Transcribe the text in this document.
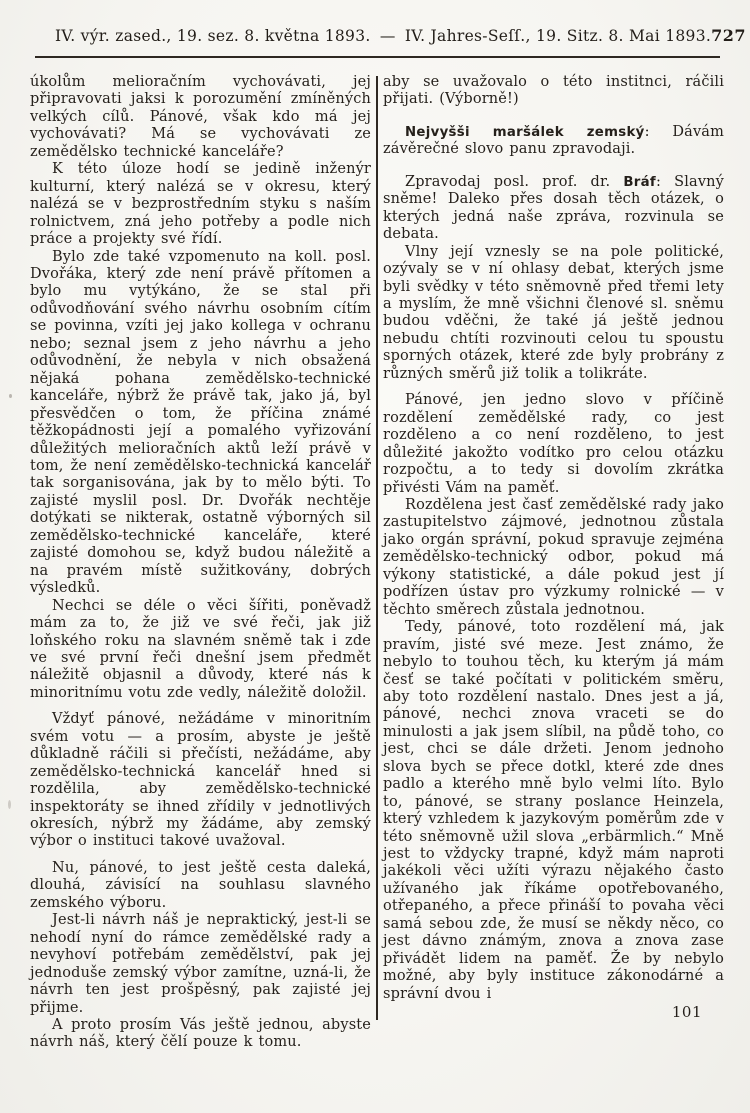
IV. výr. zased., 19. sez. 8. května 1893. — IV. Jahres-Seſſ., 19. Sitz. 8. Mai 1893. 727

úkolům melioračním vychovávati, jej připravovati jaksi k porozumění zmíněných velkých cílů. Pánové, však kdo má jej vychovávati? Má se vychovávati ze zemědělsko technické kanceláře?

K této úloze hodí se jedině inženýr kulturní, který nalézá se v okresu, který nalézá se v bezprostředním styku s naším rolnictvem, zná jeho potřeby a podle nich práce a projekty své řídí.

Bylo zde také vzpomenuto na koll. posl. Dvořáka, který zde není právě přítomen a bylo mu vytýkáno, že se stal při odůvodňování svého návrhu osobním cítím se povinna, vzíti jej jako kollega v ochranu nebo; seznal jsem z jeho návrhu a jeho odůvodnění, že nebyla v nich obsažená nějaká pohana zemědělsko-technické kanceláře, nýbrž že právě tak, jako já, byl přesvědčen o tom, že příčina známé těžkopádnosti její a pomalého vyřizování důležitých melioračních aktů leží právě v tom, že není zemědělsko-technická kancelář tak sorganisována, jak by to mělo býti. To zajisté myslil posl. Dr. Dvořák nechtěje dotýkati se nikterak, ostatně výborných sil zemědělsko-technické kanceláře, které zajisté domohou se, když budou náležitě a na pravém místě sužitkovány, dobrých výsledků.

Nechci se déle o věci šířiti, poněvadž mám za to, že již ve své řeči, jak již loňského roku na slavném sněmě tak i zde ve své první řeči dnešní jsem předmět náležitě objasnil a důvody, které nás k minoritnímu votu zde vedly, náležitě doložil.

Vždyť pánové, nežádáme v minoritním svém votu — a prosím, abyste je ještě důkladně ráčili si přečísti, nežádáme, aby zemědělsko-technická kancelář hned si rozdělila, aby zemědělsko-technické inspektoráty se ihned zřídily v jednotlivých okresích, nýbrž my žádáme, aby zemský výbor o instituci takové uvažoval.

Nu, pánové, to jest ještě cesta daleká, dlouhá, závisící na souhlasu slavného zemského výboru.

Jest-li návrh náš je nepraktický, jest-li se nehodí nyní do rámce zemědělské rady a nevyhoví potřebám zemědělství, pak jej jednoduše zemský výbor zamítne, uzná-li, že návrh ten jest prošpěsný, pak zajisté jej přijme.

A proto prosím Vás ještě jednou, abyste návrh náš, který čělí pouze k tomu.

aby se uvažovalo o této institnci, ráčili přijati. (Výborně!)

Nejvyšši maršálek zemský: Dávám závěrečné slovo panu zpravodaji.

Zpravodaj posl. prof. dr. Bráf: Slavný sněme! Daleko přes dosah těch otázek, o kterých jedná naše zpráva, rozvinula se debata.

Vlny její vznesly se na pole politické, ozývaly se v ní ohlasy debat, kterých jsme byli svědky v této sněmovně před třemi lety a myslím, že mně všichni členové sl. sněmu budou vděčni, že také já ještě jednou nebudu chtíti rozvinouti celou tu spoustu sporných otázek, které zde byly probrány z různých směrů již tolik a tolikráte.

Pánové, jen jedno slovo v příčině rozdělení zemědělské rady, co jest rozděleno a co není rozděleno, to jest důležité jakožto vodítko pro celou otázku rozpočtu, a to tedy si dovolím zkrátka přivésti Vám na paměť.

Rozdělena jest časť zemědělské rady jako zastupitelstvo zájmové, jednotnou zůstala jako orgán správní, pokud spravuje zejména zemědělsko-technický odbor, pokud má výkony statistické, a dále pokud jest jí podřízen ústav pro výzkumy rolnické — v těchto směrech zůstala jednotnou.

Tedy, pánové, toto rozdělení má, jak pravím, jisté své meze. Jest známo, že nebylo to touhou těch, ku kterým já mám česť se také počítati v politickém směru, aby toto rozdělení nastalo. Dnes jest a já, pánové, nechci znova vraceti se do minulosti a jak jsem slíbil, na půdě toho, co jest, chci se dále držeti. Jenom jednoho slova bych se přece dotkl, které zde dnes padlo a kterého mně bylo velmi líto. Bylo to, pánové, se strany poslance Heinzela, který vzhledem k jazykovým poměrům zde v této sněmovně užil slova „erbärmlich.“ Mně jest to vždycky trapné, když mám naproti jakékoli věci užíti výrazu nějakého často užívaného jak říkáme opotřebovaného, otřepaného, a přece přináší to povaha věci samá sebou zde, že musí se někdy něco, co jest dávno známým, znova a znova zase přivádět lidem na paměť. Že by nebylo možné, aby byly instituce zákonodárné a správní dvou i

101
